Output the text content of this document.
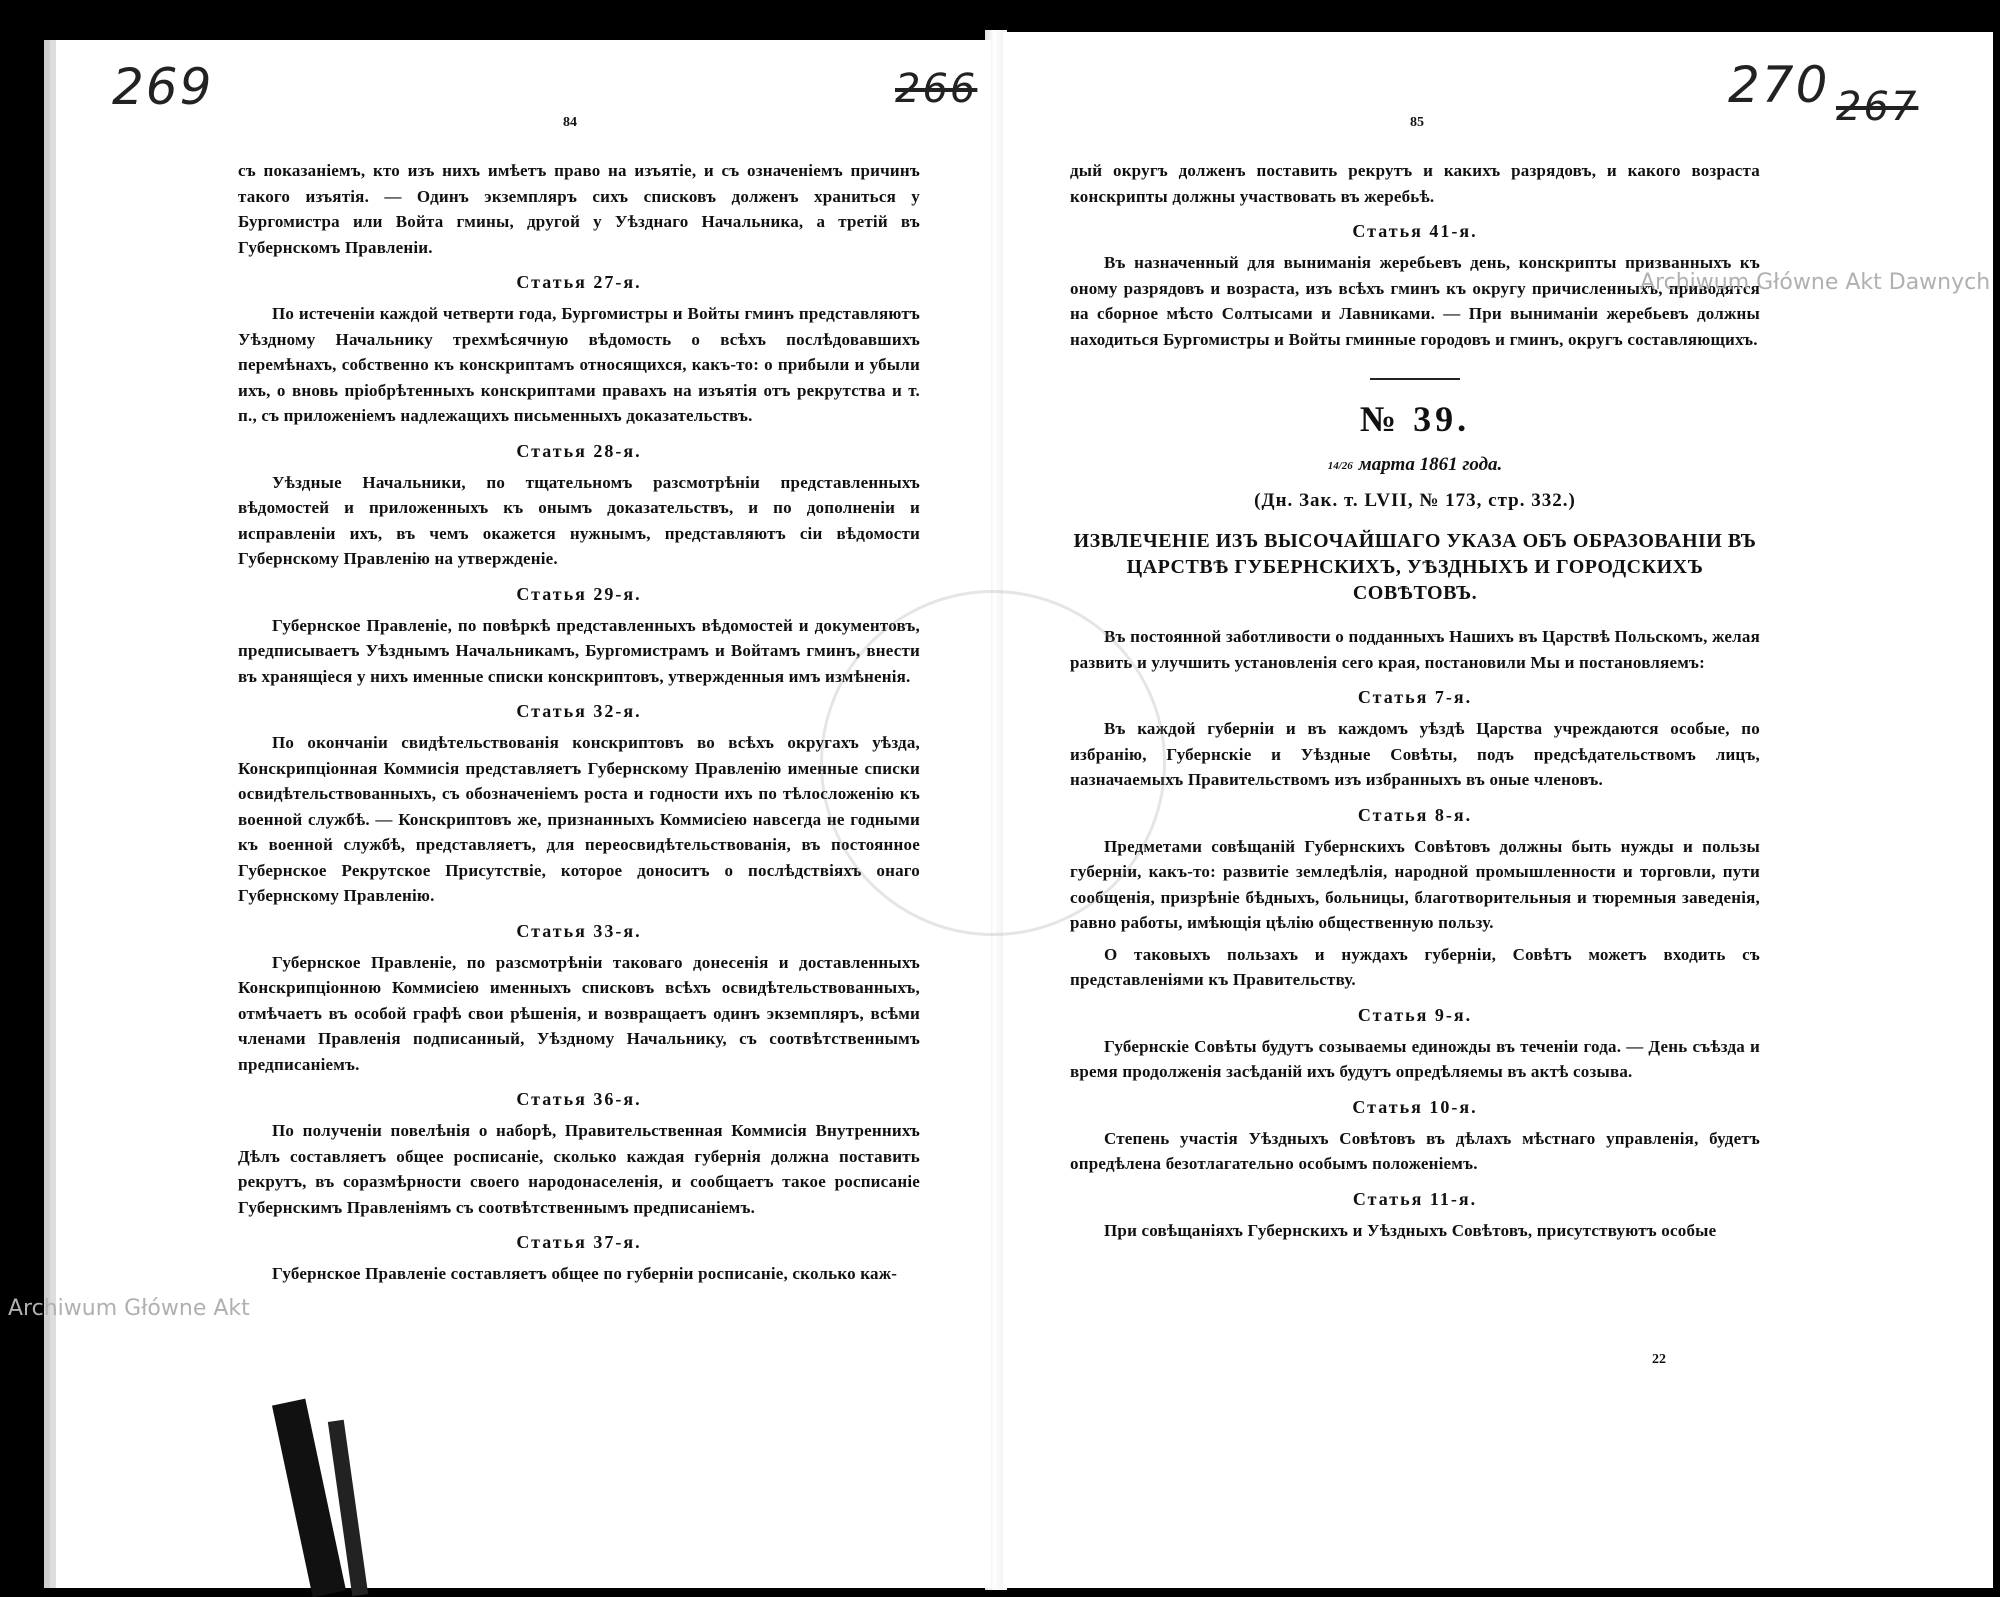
269	266	270 267
84	85

съ показаніемъ, кто изъ нихъ имѣетъ право на изъятіе, и съ означеніемъ причинъ такого изъятія. — Одинъ экземпляръ сихъ списковъ долженъ храниться у Бургомистра или Войта гмины, другой у Уѣзднаго Начальника, а третій въ Губернскомъ Правленіи.

Статья 27-я.

По истеченіи каждой четверти года, Бургомистры и Войты гминъ представляютъ Уѣздному Начальнику трехмѣсячную вѣдомость о всѣхъ послѣдовавшихъ перемѣнахъ, собственно къ конскриптамъ относящихся, какъ-то: о прибыли и убыли ихъ, о вновь пріобрѣтенныхъ конскриптами правахъ на изъятія отъ рекрутства и т. п., съ приложеніемъ надлежащихъ письменныхъ доказательствъ.

Статья 28-я.

Уѣздные Начальники, по тщательномъ разсмотрѣніи представленныхъ вѣдомостей и приложенныхъ къ онымъ доказательствъ, и по дополненіи и исправленіи ихъ, въ чемъ окажется нужнымъ, представляютъ сіи вѣдомости Губернскому Правленію на утвержденіе.

Статья 29-я.

Губернское Правленіе, по повѣркѣ представленныхъ вѣдомостей и документовъ, предписываетъ Уѣзднымъ Начальникамъ, Бургомистрамъ и Войтамъ гминъ, внести въ хранящіеся у нихъ именные списки конскриптовъ, утвержденныя имъ измѣненія.

Статья 32-я.

По окончаніи свидѣтельствованія конскриптовъ во всѣхъ округахъ уѣзда, Конскрипціонная Коммисія представляетъ Губернскому Правленію именные списки освидѣтельствованныхъ, съ обозначеніемъ роста и годности ихъ по тѣлосложенію къ военной службѣ. — Конскриптовъ же, признанныхъ Коммисіею навсегда не годными къ военной службѣ, представляетъ, для переосвидѣтельствованія, въ постоянное Губернское Рекрутское Присутствіе, которое доноситъ о послѣдствіяхъ онаго Губернскому Правленію.

Статья 33-я.

Губернское Правленіе, по разсмотрѣніи таковаго донесенія и доставленныхъ Конскрипціонною Коммисіею именныхъ списковъ всѣхъ освидѣтельствованныхъ, отмѣчаетъ въ особой графѣ свои рѣшенія, и возвращаетъ одинъ экземпляръ, всѣми членами Правленія подписанный, Уѣздному Начальнику, съ соотвѣтственнымъ предписаніемъ.

Статья 36-я.

По полученіи повелѣнія о наборѣ, Правительственная Коммисія Внутреннихъ Дѣлъ составляетъ общее росписаніе, сколько каждая губернія должна поставить рекрутъ, въ соразмѣрности своего народонаселенія, и сообщаетъ такое росписаніе Губернскимъ Правленіямъ съ соотвѣтственнымъ предписаніемъ.

Статья 37-я.

Губернское Правленіе составляетъ общее по губерніи росписаніе, сколько каж-

дый округъ долженъ поставить рекрутъ и какихъ разрядовъ, и какого возраста конскрипты должны участвовать въ жеребьѣ.

Статья 41-я.

Въ назначенный для выниманія жеребьевъ день, конскрипты призванныхъ къ оному разрядовъ и возраста, изъ всѣхъ гминъ къ округу причисленныхъ, приводятся на сборное мѣсто Солтысами и Лавниками. — При выниманіи жеребьевъ должны находиться Бургомистры и Войты гминные городовъ и гминъ, округъ составляющихъ.

№ 39.
14/26 марта 1861 года.
(Дн. Зак. т. LVII, № 173, стр. 332.)
ИЗВЛЕЧЕНІЕ ИЗЪ ВЫСОЧАЙШАГО УКАЗА ОБЪ ОБРАЗОВАНІИ ВЪ ЦАРСТВѢ ГУБЕРНСКИХЪ, УѢЗДНЫХЪ И ГОРОДСКИХЪ СОВѢТОВЪ.

Въ постоянной заботливости о подданныхъ Нашихъ въ Царствѣ Польскомъ, желая развить и улучшить установленія сего края, постановили Мы и постановляемъ:

Статья 7-я.

Въ каждой губерніи и въ каждомъ уѣздѣ Царства учреждаются особые, по избранію, Губернскіе и Уѣздные Совѣты, подъ предсѣдательствомъ лицъ, назначаемыхъ Правительствомъ изъ избранныхъ въ оные членовъ.

Статья 8-я.

Предметами совѣщаній Губернскихъ Совѣтовъ должны быть нужды и пользы губерніи, какъ-то: развитіе земледѣлія, народной промышленности и торговли, пути сообщенія, призрѣніе бѣдныхъ, больницы, благотворительныя и тюремныя заведенія, равно работы, имѣющія цѣлію общественную пользу.

О таковыхъ пользахъ и нуждахъ губерніи, Совѣтъ можетъ входить съ представленіями къ Правительству.

Статья 9-я.

Губернскіе Совѣты будутъ созываемы единожды въ теченіи года. — День съѣзда и время продолженія засѣданій ихъ будутъ опредѣляемы въ актѣ созыва.

Статья 10-я.

Степень участія Уѣздныхъ Совѣтовъ въ дѣлахъ мѣстнаго управленія, будетъ опредѣлена безотлагательно особымъ положеніемъ.

Статья 11-я.

При совѣщаніяхъ Губернскихъ и Уѣздныхъ Совѣтовъ, присутствуютъ особые

22
Archiwum Główne Akt Dawnych
Archiwum Główne Akt
